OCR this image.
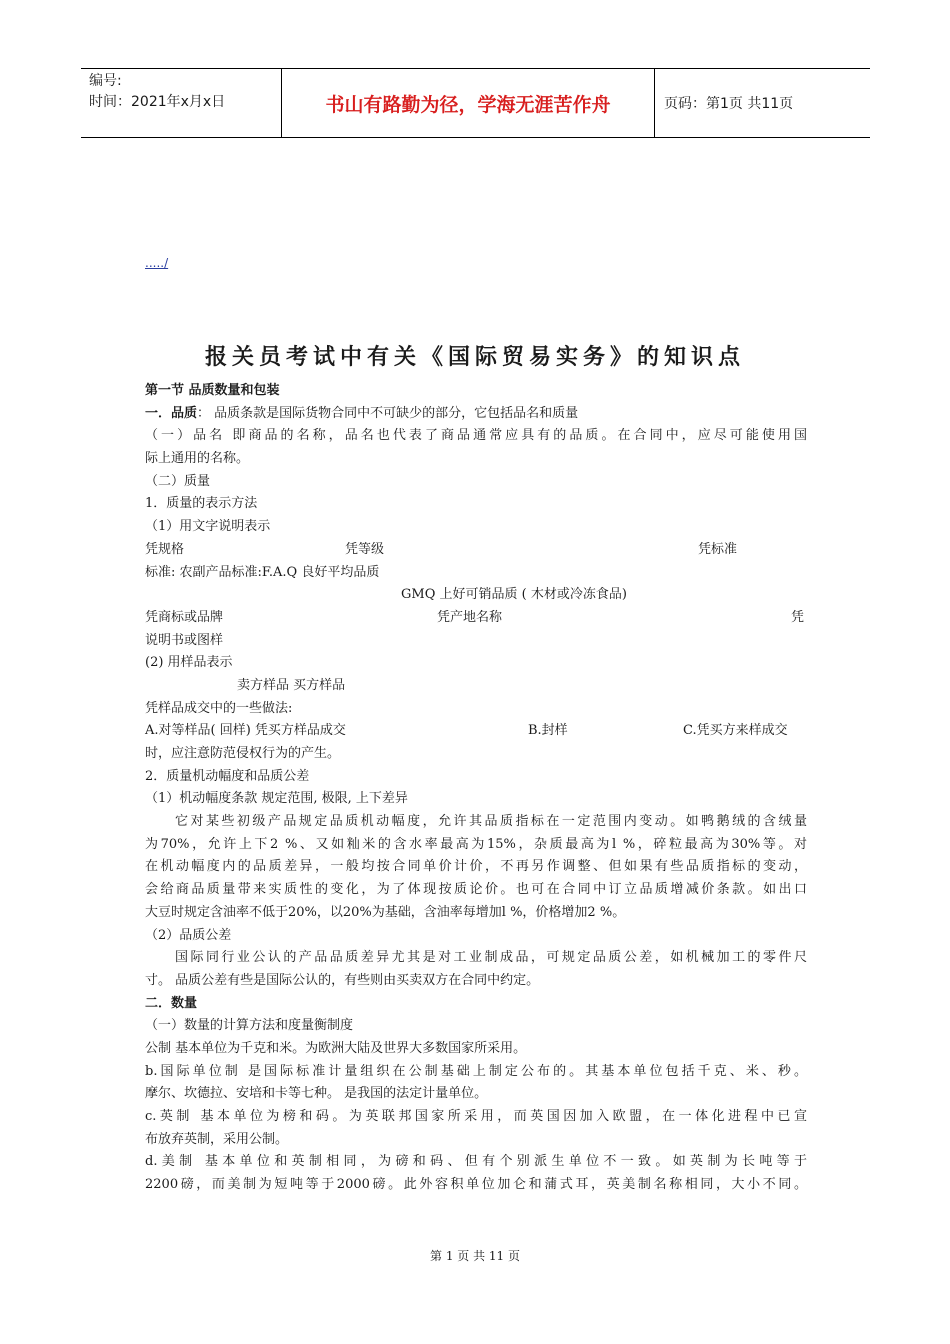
编号:
时间：2021年x月x日	书山有路勤为径，学海无涯苦作舟	页码：第1页 共11页
...../
报关员考试中有关《国际贸易实务》的知识点
第一节 品质数量和包装
一．品质： 品质条款是国际货物合同中不可缺少的部分，它包括品名和质量
（一）品名 即商品的名称，品名也代表了商品通常应具有的品质。在合同中，应尽可能使用国
际上通用的名称。
（二）质量
1．质量的表示方法
（1）用文字说明表示
凭规格	凭等级	凭标准
标准: 农副产品标准:F.A.Q 良好平均品质
GMQ 上好可销品质 ( 木材或冷冻食品)
凭商标或品牌	凭产地名称	凭
说明书或图样
(2) 用样品表示
卖方样品 买方样品
凭样品成交中的一些做法:
A.对等样品( 回样) 凭买方样品成交	B.封样	C.凭买方来样成交
时，应注意防范侵权行为的产生。
2．质量机动幅度和品质公差
（1）机动幅度条款 规定范围, 极限, 上下差异
它对某些初级产品规定品质机动幅度，允许其品质指标在一定范围内变动。如鸭鹅绒的含绒量
为70%，允许上下2 %、又如籼米的含水率最高为15%，杂质最高为l %，碎粒最高为30%等。对
在机动幅度内的品质差异，一般均按合同单价计价，不再另作调整、但如果有些品质指标的变动，
会给商品质量带来实质性的变化，为了体现按质论价。也可在合同中订立品质增减价条款。如出口
大豆时规定含油率不低于20%，以20%为基础，含油率每增加l %，价格增加2 %。
（2）品质公差
国际同行业公认的产品品质差异尤其是对工业制成品，可规定品质公差，如机械加工的零件尺
寸。 品质公差有些是国际公认的，有些则由买卖双方在合同中约定。
二．数量
（一）数量的计算方法和度量衡制度
公制 基本单位为千克和米。为欧洲大陆及世界大多数国家所采用。
b.国际单位制 是国际标准计量组织在公制基础上制定公布的。其基本单位包括千克、米、秒。
摩尔、坎德拉、安培和卡等七种。 是我国的法定计量单位。
c.英制 基本单位为榜和码。为英联邦国家所采用，而英国因加入欧盟，在一体化进程中已宣
布放弃英制，采用公制。
d.美制 基本单位和英制相同，为磅和码、但有个别派生单位不一致。如英制为长吨等于
2200磅，而美制为短吨等于2000磅。此外容积单位加仑和蒲式耳，英美制名称相同，大小不同。
第 1 页 共 11 页
